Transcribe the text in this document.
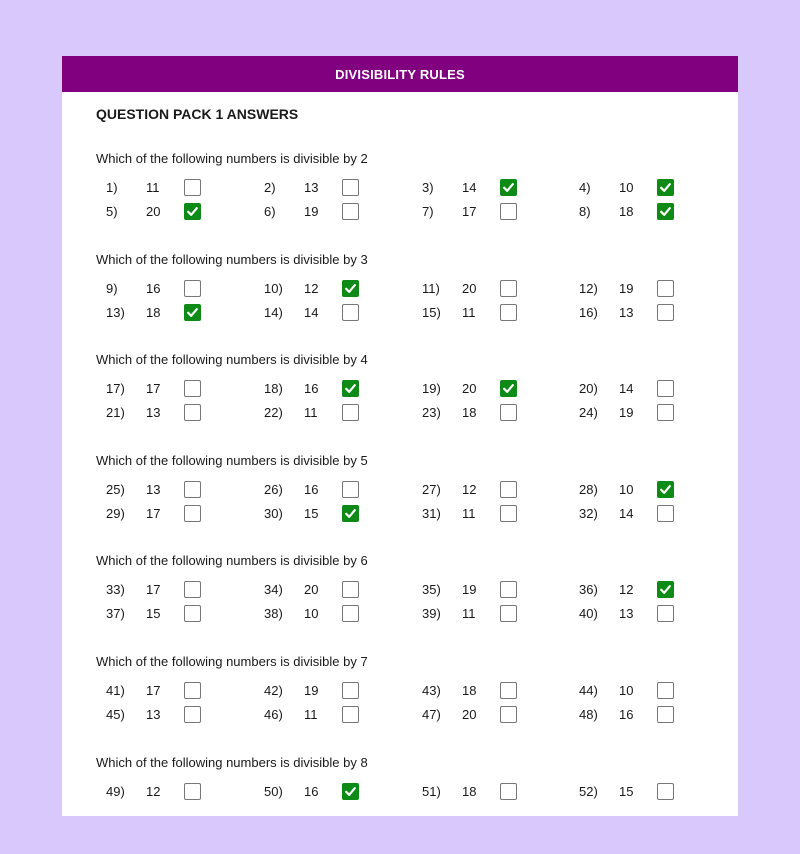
DIVISIBILITY RULES
QUESTION PACK 1 ANSWERS
Which of the following numbers is divisible by 2
1) 11	2) 13	3) 14	4) 10
5) 20	6) 19	7) 17	8) 18
Which of the following numbers is divisible by 3
9) 16	10) 12	11) 20	12) 19
13) 18	14) 14	15) 11	16) 13
Which of the following numbers is divisible by 4
17) 17	18) 16	19) 20	20) 14
21) 13	22) 11	23) 18	24) 19
Which of the following numbers is divisible by 5
25) 13	26) 16	27) 12	28) 10
29) 17	30) 15	31) 11	32) 14
Which of the following numbers is divisible by 6
33) 17	34) 20	35) 19	36) 12
37) 15	38) 10	39) 11	40) 13
Which of the following numbers is divisible by 7
41) 17	42) 19	43) 18	44) 10
45) 13	46) 11	47) 20	48) 16
Which of the following numbers is divisible by 8
49) 12	50) 16	51) 18	52) 15
